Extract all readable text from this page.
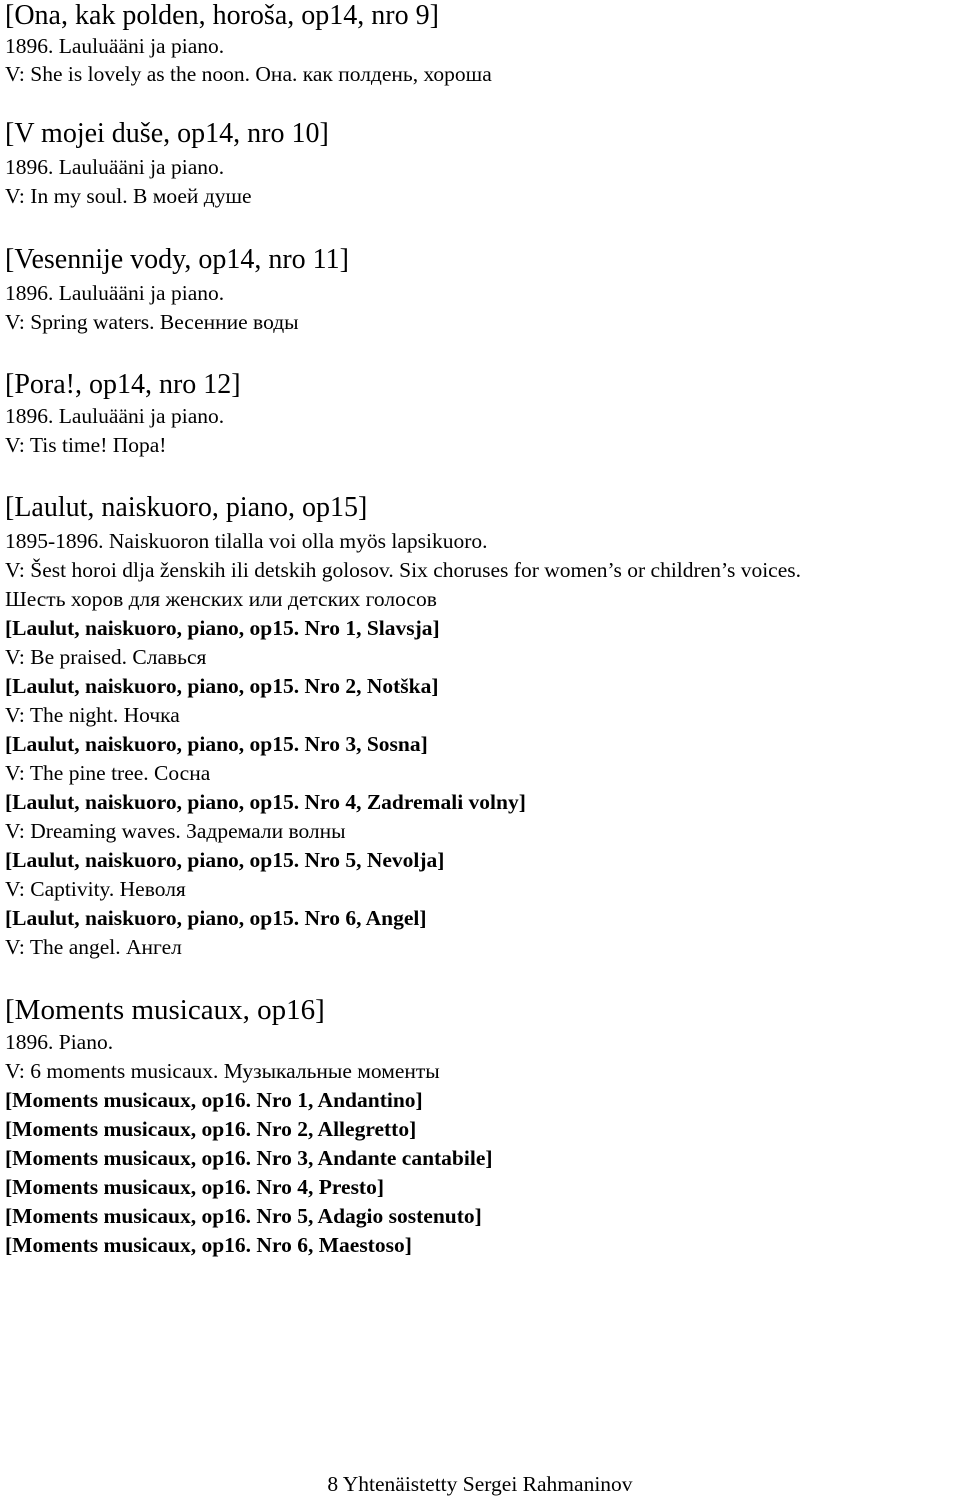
[Ona, kak polden, horoša, op14, nro 9]
1896. Lauluääni ja piano.
V: She is lovely as the noon. Она. как полдень, хороша
[V mojei duše, op14, nro 10]
1896. Lauluääni ja piano.
V: In my soul. В моей душе
[Vesennije vody, op14, nro 11]
1896. Lauluääni ja piano.
V: Spring waters. Весенние воды
[Pora!, op14, nro 12]
1896. Lauluääni ja piano.
V: Tis time! Пора!
[Laulut, naiskuoro, piano, op15]
1895-1896. Naiskuoron tilalla voi olla myös lapsikuoro.
V: Šest horoi dlja ženskih ili detskih golosov. Six choruses for women’s or children’s voices.
Шесть хоров для женских или детских голосов
[Laulut, naiskuoro, piano, op15. Nro 1, Slavsja]
V: Be praised. Славься
[Laulut, naiskuoro, piano, op15. Nro 2, Notška]
V: The night. Ночка
[Laulut, naiskuoro, piano, op15. Nro 3, Sosna]
V: The pine tree. Сосна
[Laulut, naiskuoro, piano, op15. Nro 4, Zadremali volny]
V: Dreaming waves. Задремали волны
[Laulut, naiskuoro, piano, op15. Nro 5, Nevolja]
V: Captivity. Неволя
[Laulut, naiskuoro, piano, op15. Nro 6, Angel]
V: The angel. Ангел
[Moments musicaux, op16]
1896. Piano.
V: 6 moments musicaux. Музыкальные моменты
[Moments musicaux, op16. Nro 1, Andantino]
[Moments musicaux, op16. Nro 2, Allegretto]
[Moments musicaux, op16. Nro 3, Andante cantabile]
[Moments musicaux, op16. Nro 4, Presto]
[Moments musicaux, op16. Nro 5, Adagio sostenuto]
[Moments musicaux, op16. Nro 6, Maestoso]
8 Yhtenäistetty Sergei Rahmaninov
